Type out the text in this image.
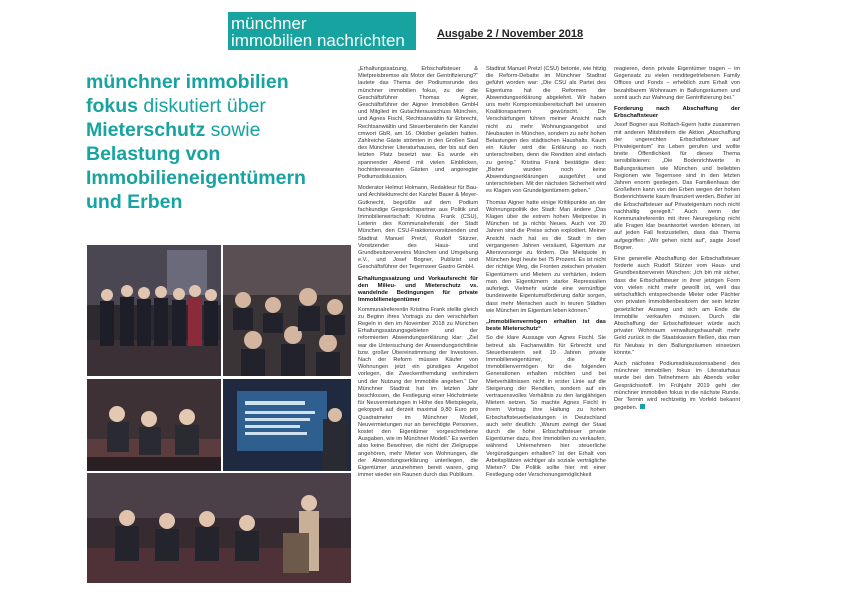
münchner
immobilien nachrichten	Ausgabe 2 / November 2018
münchner immobilien
fokus diskutiert über
Mieterschutz sowie
Belastung von
Immobilieneigentümern
und Erben

„Erhaltungssatzung, Erbschaftsteuer & Mietpreisbremse als Motor der Gentrifizierung?“ lautete das Thema der Podiumsrunde des münchner immobilien fokus, zu der die Geschäftsführer Thomas Aigner, Geschäftsführer der Aigner Immobilien GmbH und Mitglied im Gutachterausschuss München, und Agnes Fischl, Rechtsanwältin für Erbrecht, Rechtsanwältin und Steuerberaterin der Kanzlei cmwort GbR, am 16. Oktober geladen hatten. Zahlreiche Gäste strömten in den Großen Saal des Münchner Literaturhauses, der bis auf den letzten Platz besetzt war. Es wurde ein spannender Abend mit vielen Einblicken, hochinteressanten Gästen und angeregter Podiumsdiskussion.

Moderator Helmut Holmann, Redakteur für Bau- und Architekturrecht der Kanzlei Bauer & Meyer-Gutknecht, begrüßte auf dem Podium fachkundige Gesprächspartner aus Politik und Immobilienwirtschaft: Kristina Frank (CSU), Leiterin des Kommunalreferats der Stadt München, den CSU-Fraktionsvorsitzenden und Stadtrat Manuel Pretzl, Rudolf Stürzer, Vorsitzender des Haus- und Grundbesitzervereins München und Umgebung e.V., und Josef Bogner, Publizist und Geschäftsführer der Tegernseer Gastro GmbH.

Erhaltungssatzung und Vorkaufsrecht für den Milieu- und Mieterschutz vs. wandelnde Bedingungen für private Immobilieneigentümer

Kommunalreferentin Kristina Frank stellte gleich zu Beginn ihres Vortrags zu den verschärften Regeln in den im November 2018 zu München Erhaltungssatzungsgebieten und der reformierten Abwendungserklärung klar: „Ziel war die Untersuchung der Anwendungsrichtlinie bzw. großer Übereinstimmung der Investoren. Nach der Reform müssen Käufer von Wohnungen jetzt ein günstiges Angebot vorlegen, die Zweckentfremdung verhindern und der Nutzung der Immobilie angeben.“ Der Münchner Stadtrat hat im letzten Jahr beschlossen, die Festlegung einer Höchstmiete für Neuvermietungen in Höhe des Mietspiegels, gekoppelt auf derzeit maximal 9,80 Euro pro Quadratmeter im Münchner Modell, Neuvermietungen nur an berechtigte Personen, kostet den Eigentümer vorgeschriebene Ausgaben, wie im Münchner Modell.“ Es werden also keine Bewohner, die nicht der Zielgruppe angehören, mehr Mieter von Wohnungen, die der Abwendungserklärung unterliegen, die Eigentümer anzunehmen bereit waren, ging immer wieder ein Raunen durch das Publikum.

Stadtrat Manuel Pretzl (CSU) betonte, wie hitzig die Reform-Debatte im Münchner Stadtrat geführt worden war: „Die CSU als Partei des Eigentums hat die Reformen der Abwendungserklärung abgelehnt. Wir haben uns mehr Kompromissbereitschaft bei unseren Koalitionspartnern gewünscht. Die Verschärfungen führen meiner Ansicht nach nicht zu mehr Wohnungsangebot und Neubauten in München, sondern zu sehr hohen Belastungen des städtischen Haushalts. Kaum ein Käufer wird die Erklärung so noch unterschreiben, denn die Renditen sind einfach zu gering.“ Kristina Frank bestätigte dies: „Bisher wurden noch keine Abwendungserklärungen ausgeführt und unterschrieben. Mit der nächsten Sicherheit wird es Klagen von Grundeigentümern geben.“

Thomas Aigner hatte einige Kritikpunkte an der Wohnungspolitik der Stadt: Man ändere „Das Klagen über die extrem hohen Mietpreise in München ist ja nichts Neues. Auch vor 20 Jahren sind die Preise schon explodiert. Meiner Ansicht nach hat es die Stadt in den vergangenen Jahren versäumt, Eigentum zur Altersvorsorge zu fördern. Die Mietquote in München liegt heute bei 75 Prozent. Es ist nicht der richtige Weg, die Fronten zwischen privaten Eigentümern und Mietern zu verhärten, indem man den Eigentümern starke Repressalien auferlegt. Vielmehr würde eine vernünftige bundesweite Eigentumsförderung dafür sorgen, dass mehr Menschen auch in teuren Städten wie München im Eigentum leben können.“

„Immobilienvermögen erhalten ist das beste Mieterschutz“

So die klare Aussage von Agnes Fischl. Sie betreut als Fachanwältin für Erbrecht und Steuerberaterin seit 19 Jahren private Immobilieneigentümer, die ihr Immobilienvermögen für die folgenden Generationen erhalten möchten und bei Mietverhältnissen nicht in erster Linie auf die Steigerung der Renditen, sondern auf ein vertrauensvolles Verhältnis zu den langjährigen Mietern setzen. So machte Agnes Fischl in ihrem Vortrag ihre Haltung zu hohen Erbschaftsteuerbelastungen in Deutschland auch sehr deutlich: „Warum zwingt der Staat durch die hohe Erbschaftsteuer private Eigentümer dazu, ihre Immobilien zu verkaufen, während Unternehmen hier steuerliche Vergünstigungen erhalten? Ist der Erhalt von Arbeitsplätzen wichtiger als soziale verträgliche Mieten? Die Politik sollte hier mit einer Festlegung oder Verschonungsmöglichkeit

reagieren, denn private Eigentümer tragen – im Gegensatz zu vielen renditegetriebenen Family Offices und Fonds – erheblich zum Erhalt von bezahlbarem Wohnraum in Ballungsräumen und somit auch zur Wahrung der Gentrifizierung bei.“

Forderung nach Abschaffung der Erbschaftsteuer

Josef Bogner aus Rottach-Egern hatte zusammen mit anderen Mitstreitern die Aktion „Abschaffung der ungerechten Erbschaftsteuer auf Privateigentum“ ins Leben gerufen und wollte breite Öffentlichkeit für dieses Thema sensibilisieren: „Die Bodenrichtwerte in Ballungsräumen wie München und beliebten Regionen wie Tegernsee sind in den letzten Jahren enorm gestiegen. Das Familienhaus der Großeltern kann von den Erben wegen der hohen Bodenrichtwerte kaum finanziert werden. Bisher ist die Erbschaftsteuer auf Privateigentum noch nicht nachhaltig geregelt.“ Auch wenn der Kommunalreferentin mit ihrer Neuregelung nicht alle Fragen klar beantwortet werden können, ist auf jeden Fall festzustellen, dass das Thema aufgegriffen: „Wir gehen nicht auf“, sagte Josef Bogner.

Eine generelle Abschaffung der Erbschaftsteuer forderte auch Rudolf Stürzer vom Haus- und Grundbesitzerverein München: „Ich bin mir sicher, dass die Erbschaftsteuer in ihrer jetzigen Form von vielen nicht mehr gewollt ist, weil das wirtschaftlich entsprechende Mieter oder Pächter von privaten Immobilienbesitzern der sein letzter gesetzlicher Ausweg und sich am Ende die Immobilie verkaufen müssen. Durch die Abschaffung der Erbschaftsteuer würde auch privater Wohnraum verwaltungshaushalt mehr Geld zurück in die Staatskassen fließen, das man für Neubau in den Ballungsräumen einsetzen könnte.“

Auch nächstes Podiumsdiskussionsabend des münchner immobilien fokus im Literaturhaus wurde bei den Teilnehmern als Abends voller Gesprächsstoff. Im Frühjahr 2019 geht der münchner immobilien fokus in die nächste Runde. Der Termin wird rechtzeitig im Vorfeld bekannt gegeben.
